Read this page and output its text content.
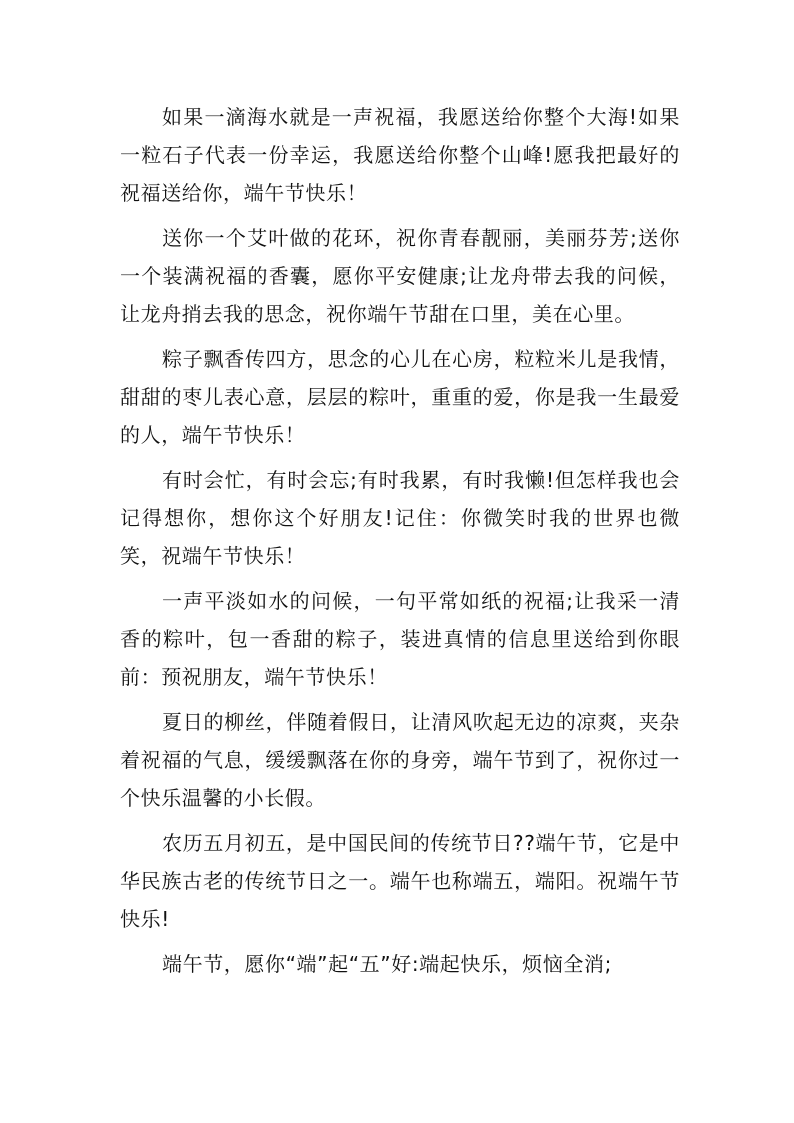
如果一滴海水就是一声祝福，我愿送给你整个大海!如果一粒石子代表一份幸运，我愿送给你整个山峰!愿我把最好的祝福送给你，端午节快乐！

送你一个艾叶做的花环，祝你青春靓丽，美丽芬芳;送你一个装满祝福的香囊，愿你平安健康;让龙舟带去我的问候，让龙舟捎去我的思念，祝你端午节甜在口里，美在心里。

粽子飘香传四方，思念的心儿在心房，粒粒米儿是我情，甜甜的枣儿表心意，层层的粽叶，重重的爱，你是我一生最爱的人，端午节快乐！

有时会忙，有时会忘;有时我累，有时我懒!但怎样我也会记得想你，想你这个好朋友!记住：你微笑时我的世界也微笑，祝端午节快乐！

一声平淡如水的问候，一句平常如纸的祝福;让我采一清香的粽叶，包一香甜的粽子，装进真情的信息里送给到你眼前：预祝朋友，端午节快乐！

夏日的柳丝，伴随着假日，让清风吹起无边的凉爽，夹杂着祝福的气息，缓缓飘落在你的身旁，端午节到了，祝你过一个快乐温馨的小长假。

农历五月初五，是中国民间的传统节日??端午节，它是中华民族古老的传统节日之一。端午也称端五，端阳。祝端午节快乐!

端午节，愿你“端”起“五”好:端起快乐，烦恼全消;
